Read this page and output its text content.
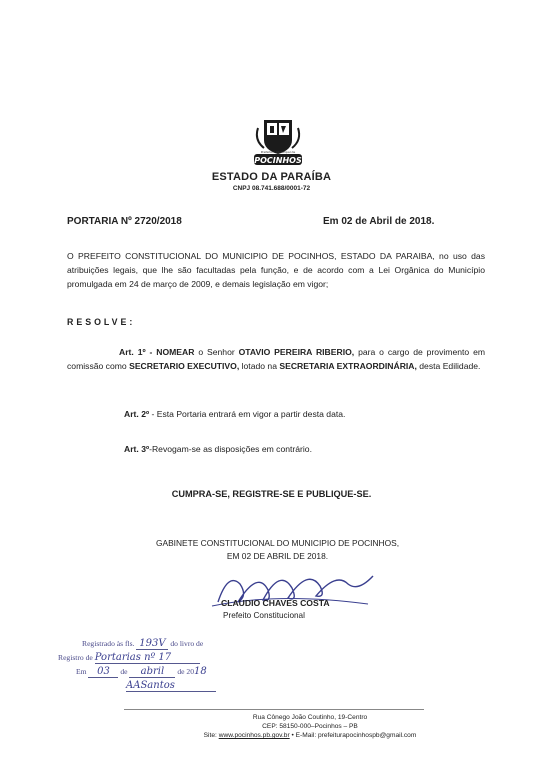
Prefeitura Municipal de
POCINHOS
ESTADO DA PARAÍBA
CNPJ 08.741.688/0001-72
PORTARIA Nº 2720/2018	Em 02 de Abril de 2018.
O PREFEITO CONSTITUCIONAL DO MUNICIPIO DE POCINHOS, ESTADO DA PARAIBA, no uso das atribuições legais, que lhe são facultadas pela função, e de acordo com a Lei Orgânica do Município promulgada em 24 de março de 2009, e demais legislação em vigor;
RESOLVE:
Art. 1º - NOMEAR o Senhor OTAVIO PEREIRA RIBERIO, para o cargo de provimento em comissão como SECRETARIO EXECUTIVO, lotado na SECRETARIA EXTRAORDINÁRIA, desta Edilidade.
Art. 2º - Esta Portaria entrará em vigor a partir desta data.
Art. 3º-Revogam-se as disposições em contrário.
CUMPRA-SE, REGISTRE-SE E PUBLIQUE-SE.
GABINETE CONSTITUCIONAL DO MUNICIPIO DE POCINHOS,
EM 02 DE ABRIL DE 2018.
CLAUDIO CHAVES COSTA
Prefeito Constitucional
Registrado às fls. 193V do livro de
Registro de Portarias nº 17
Em 03 de abril de 2018
AASantos
Rua Cônego João Coutinho, 19-Centro
CEP: 58150-000–Pocinhos – PB
Site: www.pocinhos.pb.gov.br • E-Mail: prefeiturapocinhospb@gmail.com
